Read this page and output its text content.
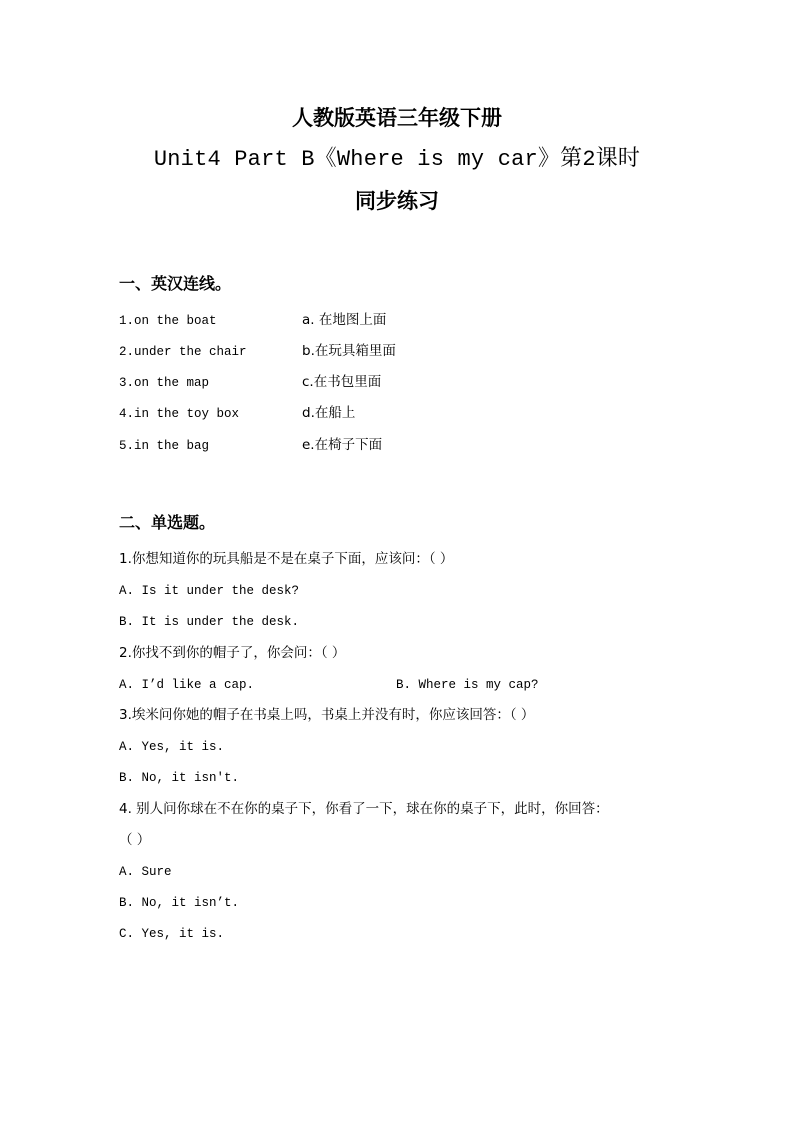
人教版英语三年级下册
Unit4 Part B《Where is my car》第2课时
同步练习
一、英汉连线。
1.on the boat	a. 在地图上面
2.under the chair	b.在玩具箱里面
3.on the map	c.在书包里面
4.in the toy box	d.在船上
5.in the bag	e.在椅子下面
二、单选题。
1.你想知道你的玩具船是不是在桌子下面，应该问：（ ）
A. Is it under the desk?
B. It is under the desk.
2.你找不到你的帽子了，你会问：（ ）
A. I’d like a cap.	B. Where is my cap?
3.埃米问你她的帽子在书桌上吗，书桌上并没有时，你应该回答：（ ）
A. Yes, it is.
B. No, it isn't.
4. 别人问你球在不在你的桌子下，你看了一下，球在你的桌子下，此时，你回答：
（ ）
A. Sure
B. No, it isn’t.
C. Yes, it is.
